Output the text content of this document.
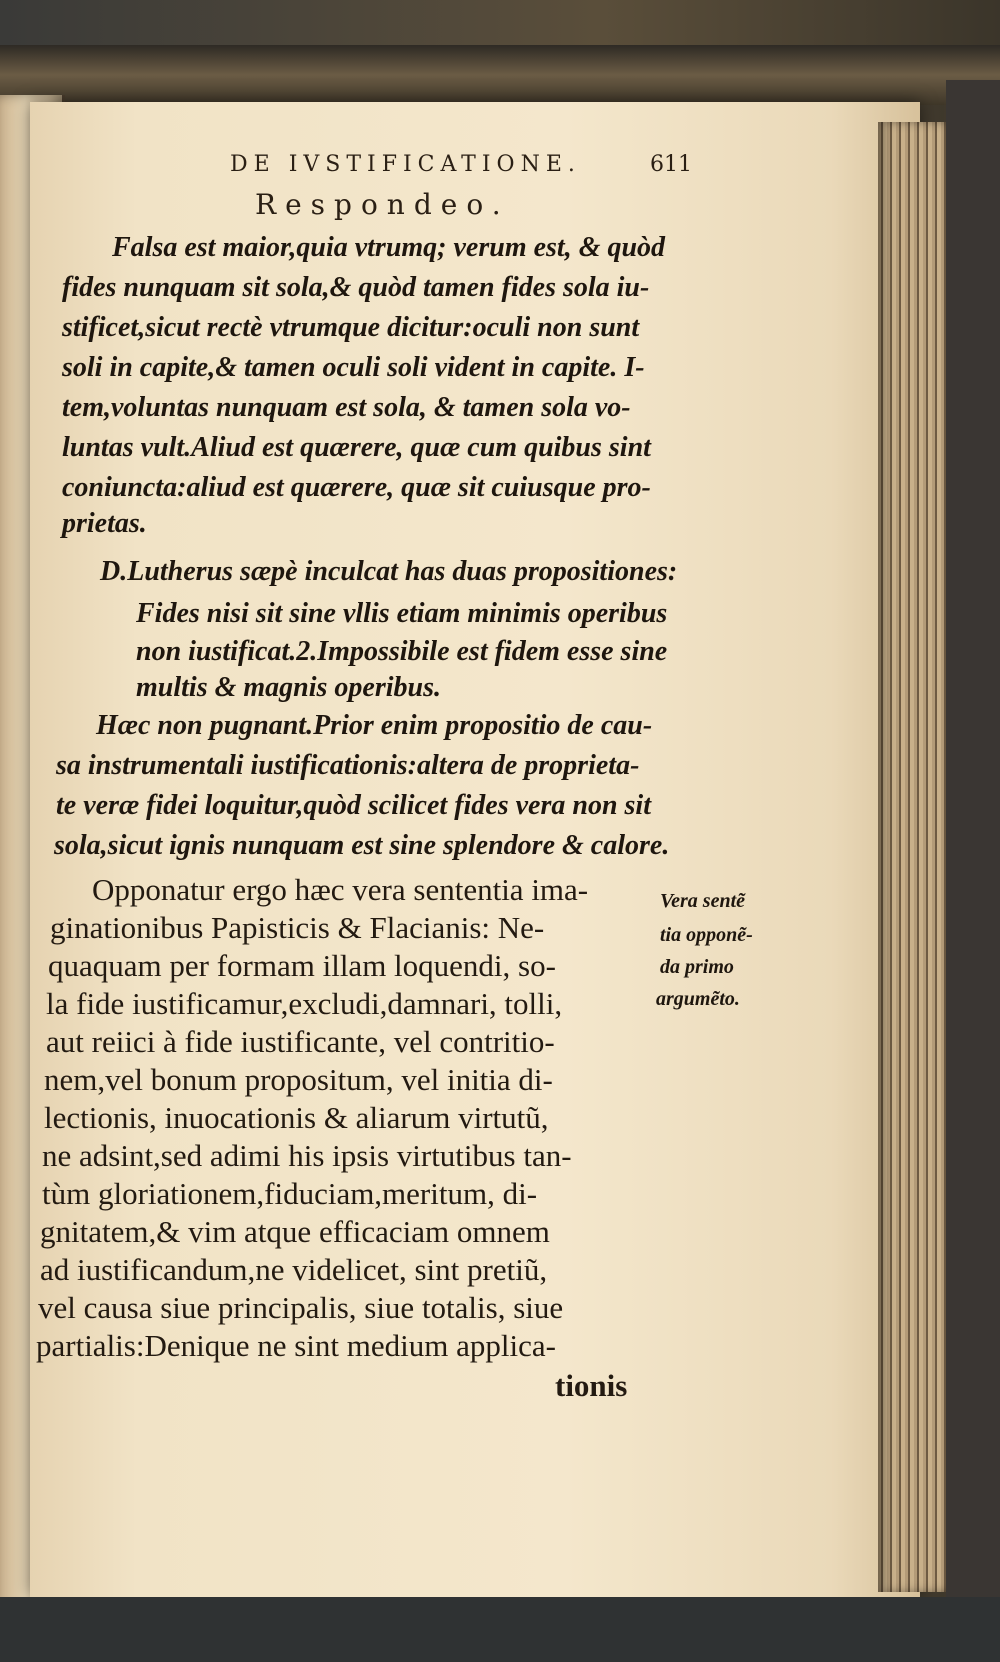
DE IVSTIFICATIONE.	611
Respondeo.
Falsa est maior,quia vtrumq; verum est, & quòd
fides nunquam sit sola,& quòd tamen fides sola iu-
stificet,sicut rectè vtrumque dicitur:oculi non sunt
soli in capite,& tamen oculi soli vident in capite. I-
tem,voluntas nunquam est sola, & tamen sola vo-
luntas vult.Aliud est quærere, quæ cum quibus sint
coniuncta:aliud est quærere, quæ sit cuiusque pro-
prietas.
D.Lutherus sæpè inculcat has duas propositiones:
Fides nisi sit sine vllis etiam minimis operibus
non iustificat.2.Impossibile est fidem esse sine
multis & magnis operibus.
Hæc non pugnant.Prior enim propositio de cau-
sa instrumentali iustificationis:altera de proprieta-
te veræ fidei loquitur,quòd scilicet fides vera non sit
sola,sicut ignis nunquam est sine splendore & calore.
Opponatur ergo hæc vera sententia ima-
ginationibus Papisticis & Flacianis: Ne-
quaquam per formam illam loquendi, so-
la fide iustificamur,excludi,damnari, tolli,
aut reiici à fide iustificante, vel contritio-
nem,vel bonum propositum, vel initia di-
lectionis, inuocationis & aliarum virtutũ,
ne adsint,sed adimi his ipsis virtutibus tan-
tùm gloriationem,fiduciam,meritum, di-
gnitatem,& vim atque efficaciam omnem
ad iustificandum,ne videlicet, sint pretiũ,
vel causa siue principalis, siue totalis, siue
partialis:Denique ne sint medium applica-
tionis
Vera sentẽ
tia opponẽ-
da primo
argumẽto.
